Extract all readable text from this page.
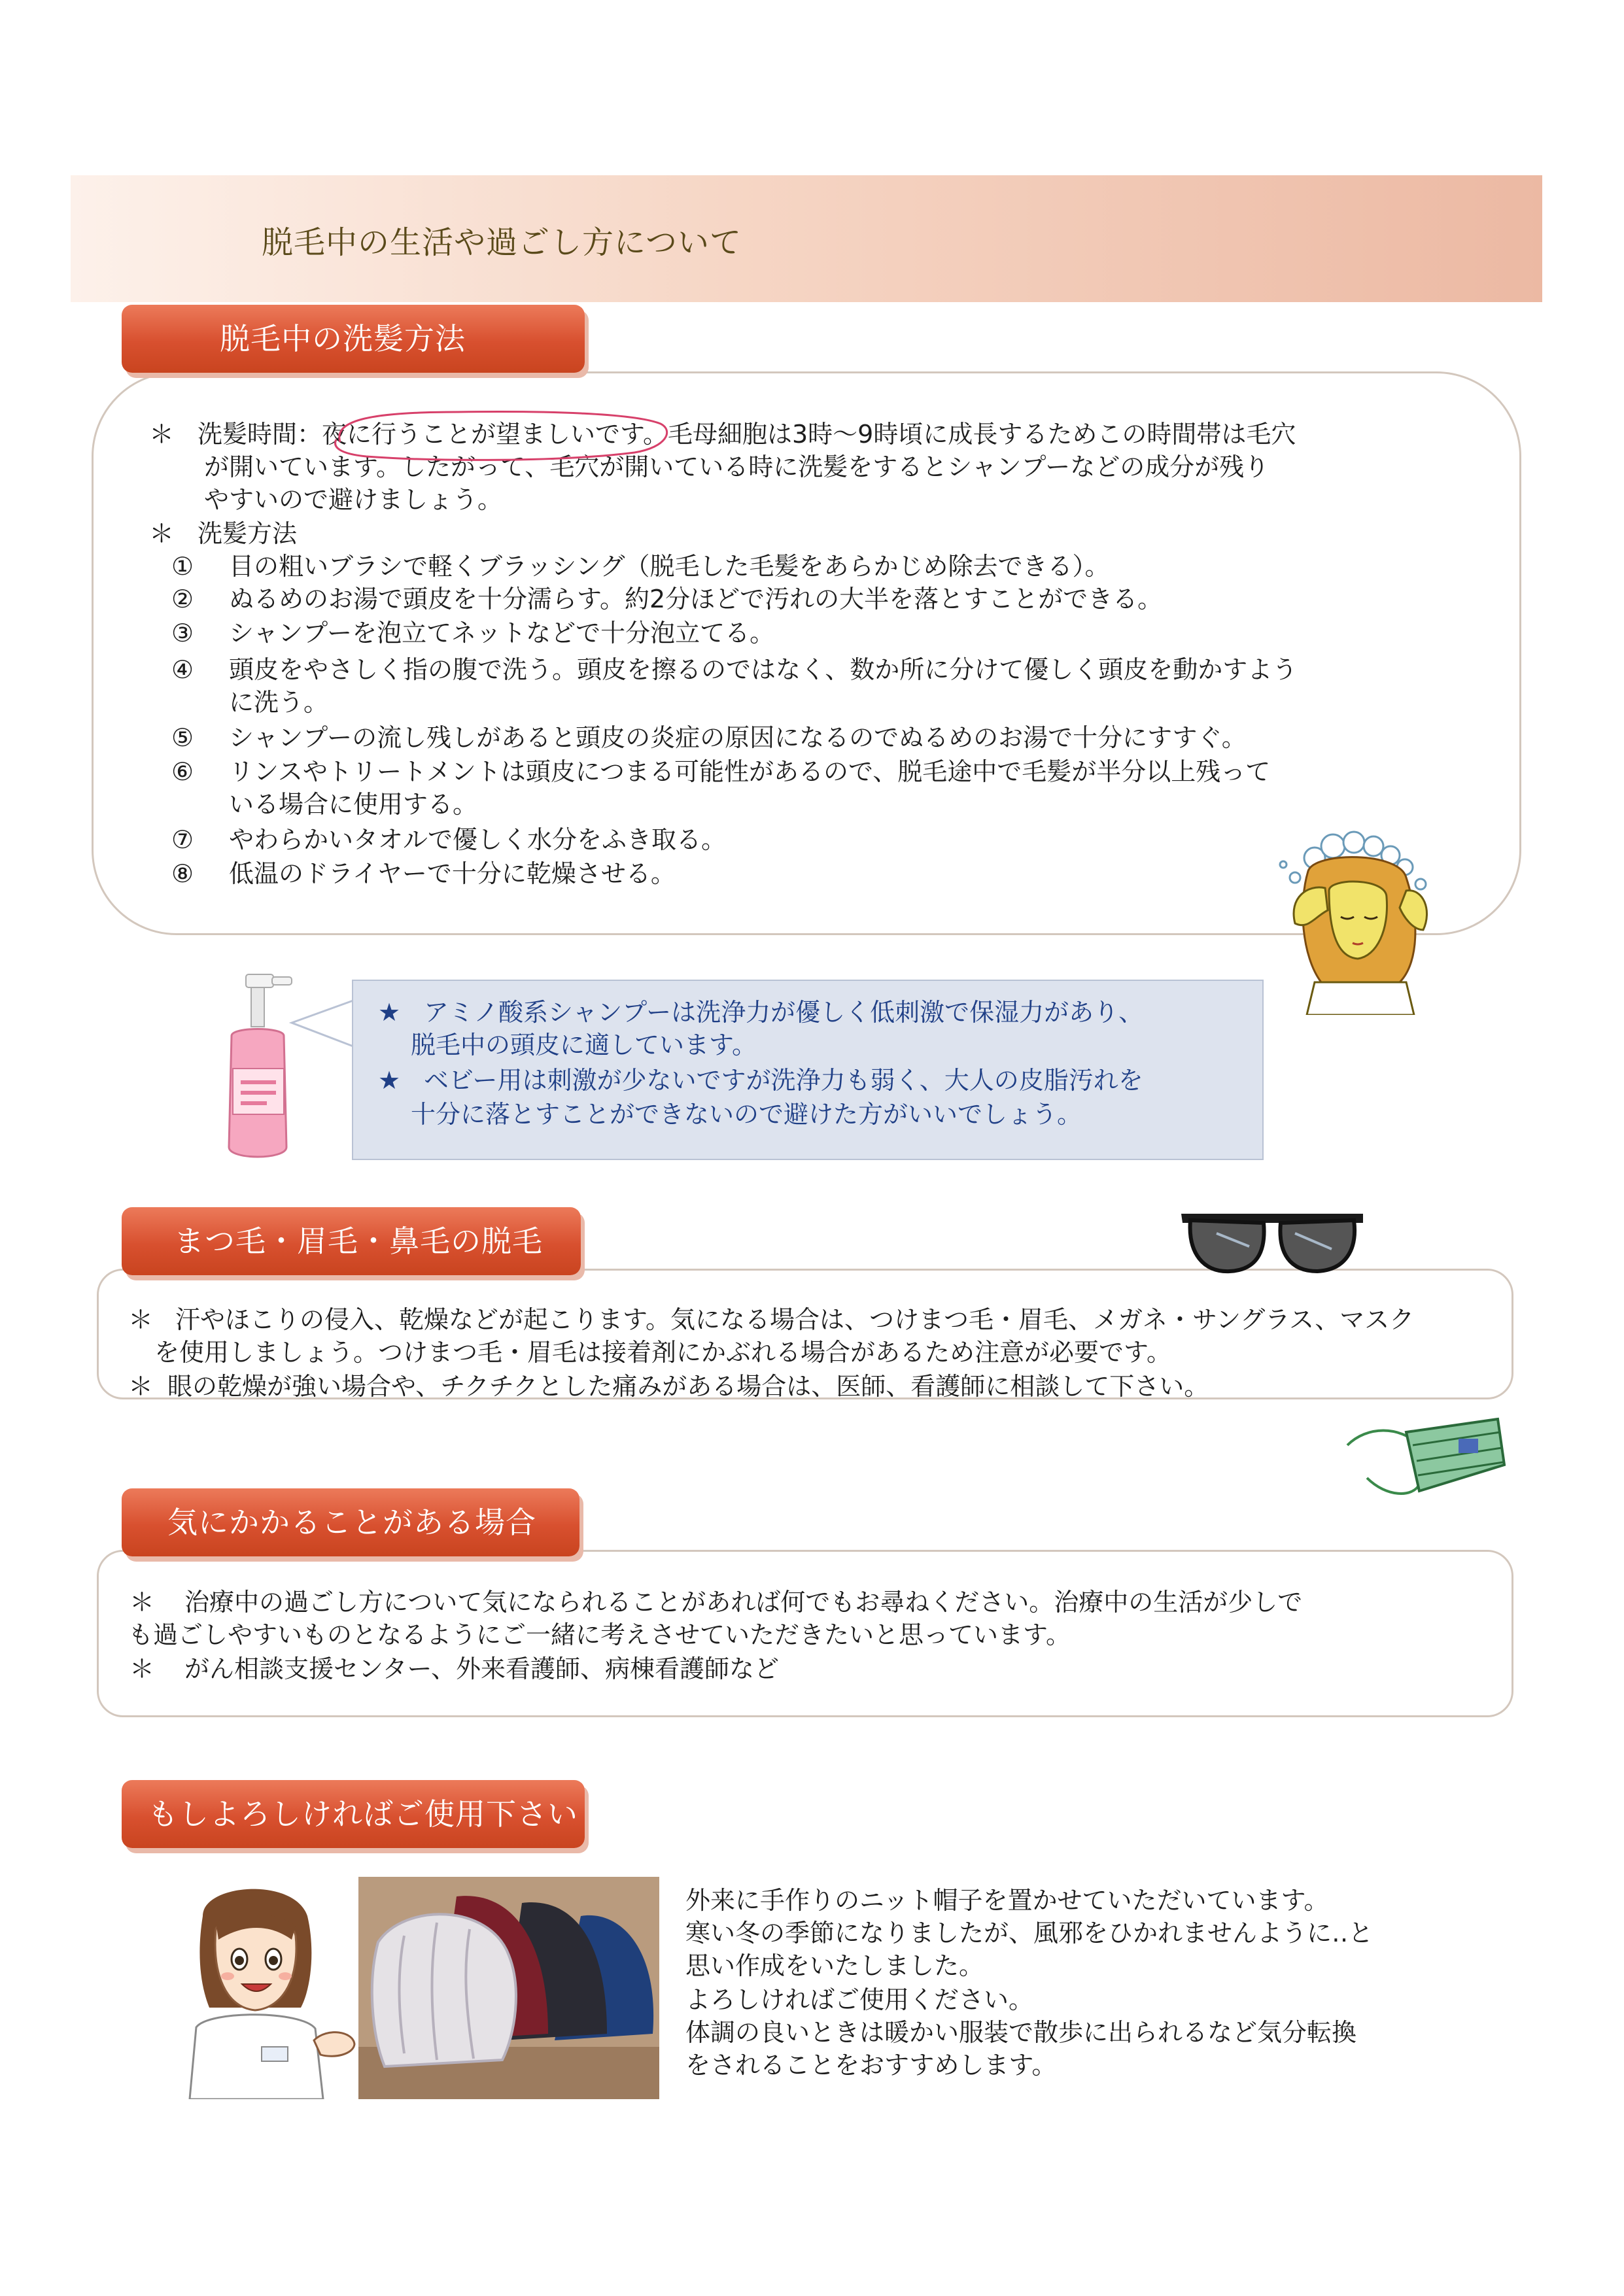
脱毛中の生活や過ごし方について
脱毛中の洗髪方法
＊ 洗髪時間：夜に行うことが望ましいです。毛母細胞は3時～9時頃に成長するためこの時間帯は毛穴
が開いています。したがって、毛穴が開いている時に洗髪をするとシャンプーなどの成分が残り
やすいので避けましょう。
＊ 洗髪方法
① 目の粗いブラシで軽くブラッシング（脱毛した毛髪をあらかじめ除去できる）。
② ぬるめのお湯で頭皮を十分濡らす。約2分ほどで汚れの大半を落とすことができる。
③ シャンプーを泡立てネットなどで十分泡立てる。
④ 頭皮をやさしく指の腹で洗う。頭皮を擦るのではなく、数か所に分けて優しく頭皮を動かすよう
に洗う。
⑤ シャンプーの流し残しがあると頭皮の炎症の原因になるのでぬるめのお湯で十分にすすぐ。
⑥ リンスやトリートメントは頭皮につまる可能性があるので、脱毛途中で毛髪が半分以上残って
いる場合に使用する。
⑦ やわらかいタオルで優しく水分をふき取る。
⑧ 低温のドライヤーで十分に乾燥させる。
★ アミノ酸系シャンプーは洗浄力が優しく低刺激で保湿力があり、
脱毛中の頭皮に適しています。
★ ベビー用は刺激が少ないですが洗浄力も弱く、大人の皮脂汚れを
十分に落とすことができないので避けた方がいいでしょう。
まつ毛・眉毛・鼻毛の脱毛
＊ 汗やほこりの侵入、乾燥などが起こります。気になる場合は、つけまつ毛・眉毛、メガネ・サングラス、マスク
を使用しましょう。つけまつ毛・眉毛は接着剤にかぶれる場合があるため注意が必要です。
＊ 眼の乾燥が強い場合や、チクチクとした痛みがある場合は、医師、看護師に相談して下さい。
気にかかることがある場合
＊ 治療中の過ごし方について気になられることがあれば何でもお尋ねください。治療中の生活が少しで
も過ごしやすいものとなるようにご一緒に考えさせていただきたいと思っています。
＊ がん相談支援センター、外来看護師、病棟看護師など
もしよろしければご使用下さい
外来に手作りのニット帽子を置かせていただいています。
寒い冬の季節になりましたが、風邪をひかれませんように‥と
思い作成をいたしました。
よろしければご使用ください。
体調の良いときは暖かい服装で散歩に出られるなど気分転換
をされることをおすすめします。
